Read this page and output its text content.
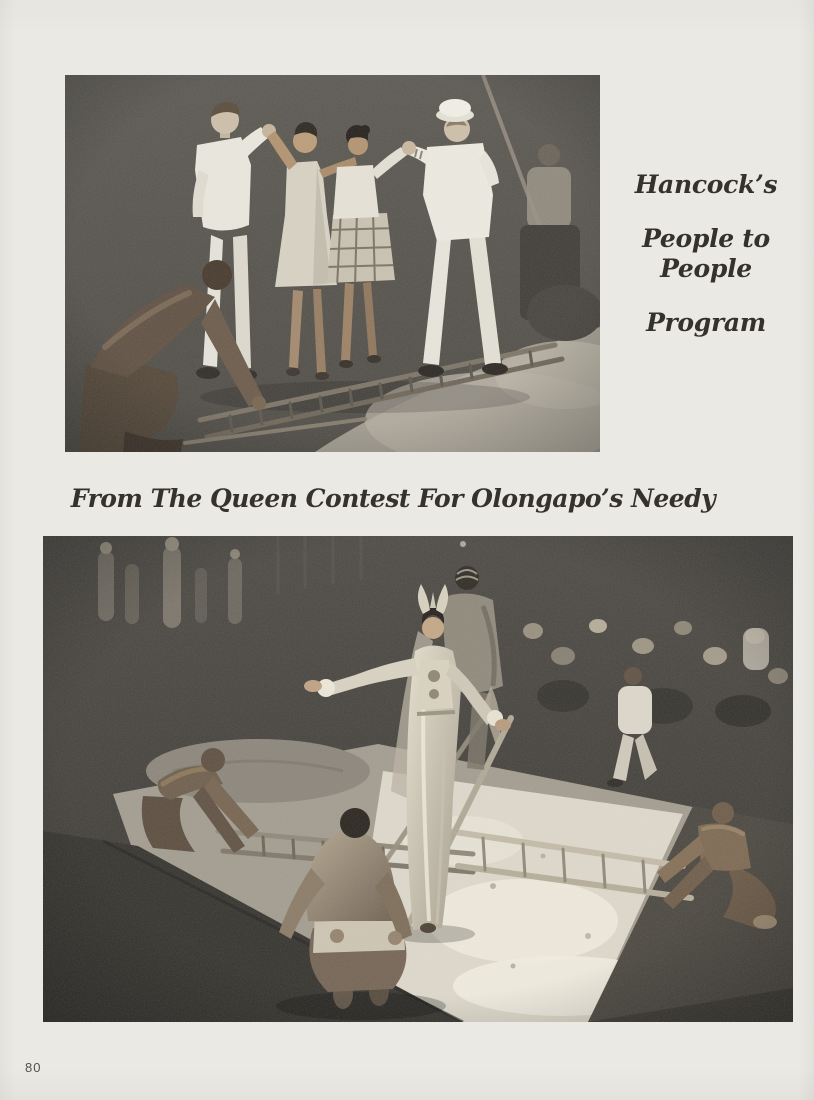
Hancock’s

People to People

Program

From The Queen Contest For Olongapo’s Needy
80
